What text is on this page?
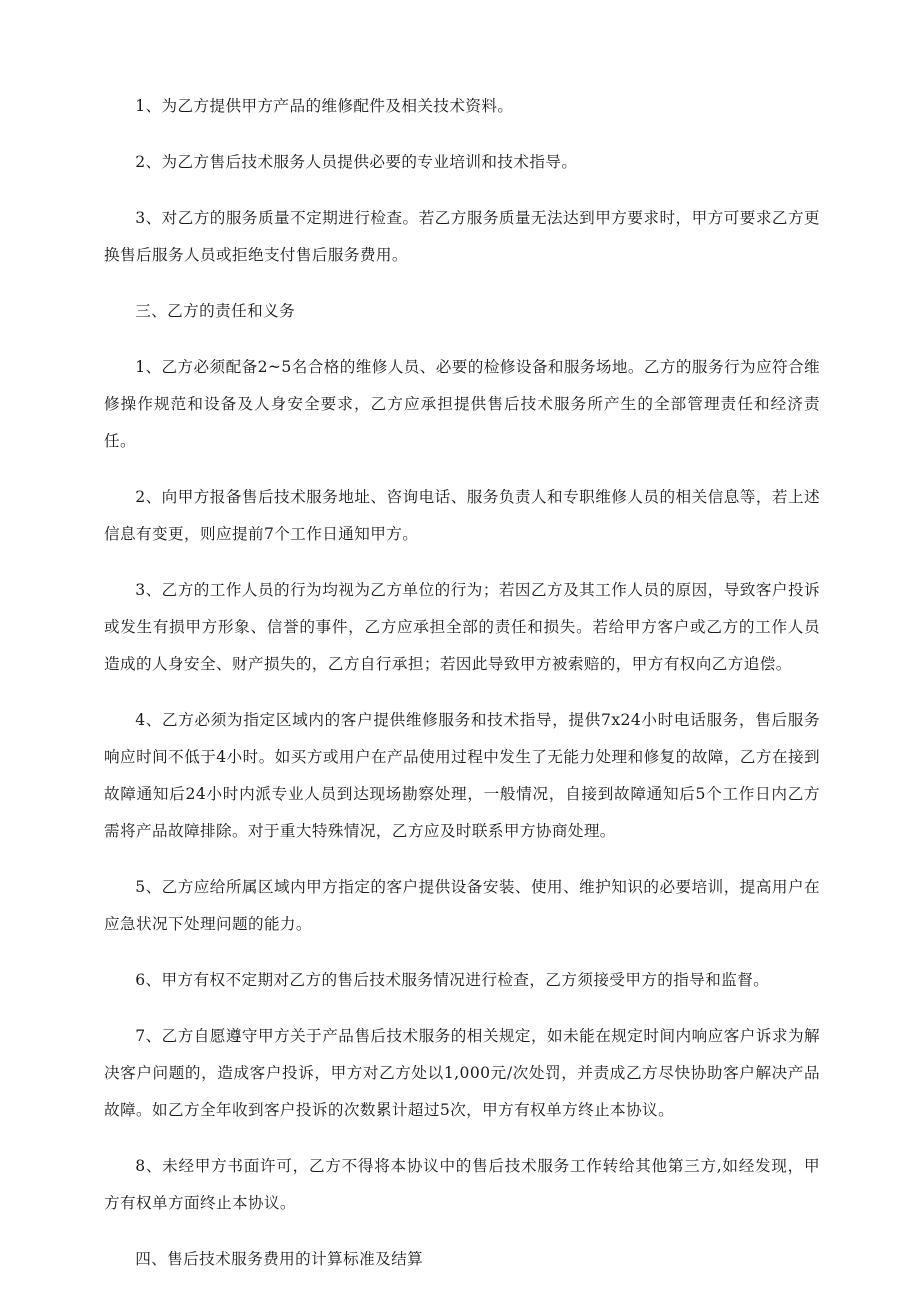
1、为乙方提供甲方产品的维修配件及相关技术资料。

2、为乙方售后技术服务人员提供必要的专业培训和技术指导。

3、对乙方的服务质量不定期进行检查。若乙方服务质量无法达到甲方要求时，甲方可要求乙方更换售后服务人员或拒绝支付售后服务费用。

三、乙方的责任和义务

1、乙方必须配备2~5名合格的维修人员、必要的检修设备和服务场地。乙方的服务行为应符合维修操作规范和设备及人身安全要求，乙方应承担提供售后技术服务所产生的全部管理责任和经济责任。

2、向甲方报备售后技术服务地址、咨询电话、服务负责人和专职维修人员的相关信息等，若上述信息有变更，则应提前7个工作日通知甲方。

3、乙方的工作人员的行为均视为乙方单位的行为；若因乙方及其工作人员的原因，导致客户投诉或发生有损甲方形象、信誉的事件，乙方应承担全部的责任和损失。若给甲方客户或乙方的工作人员造成的人身安全、财产损失的，乙方自行承担；若因此导致甲方被索赔的，甲方有权向乙方追偿。

4、乙方必须为指定区域内的客户提供维修服务和技术指导，提供7x24小时电话服务，售后服务响应时间不低于4小时。如买方或用户在产品使用过程中发生了无能力处理和修复的故障，乙方在接到故障通知后24小时内派专业人员到达现场勘察处理，一般情况，自接到故障通知后5个工作日内乙方需将产品故障排除。对于重大特殊情况，乙方应及时联系甲方协商处理。

5、乙方应给所属区域内甲方指定的客户提供设备安装、使用、维护知识的必要培训，提高用户在应急状况下处理问题的能力。

6、甲方有权不定期对乙方的售后技术服务情况进行检查，乙方须接受甲方的指导和监督。

7、乙方自愿遵守甲方关于产品售后技术服务的相关规定，如未能在规定时间内响应客户诉求为解决客户问题的，造成客户投诉，甲方对乙方处以1,000元/次处罚，并责成乙方尽快协助客户解决产品故障。如乙方全年收到客户投诉的次数累计超过5次，甲方有权单方终止本协议。

8、未经甲方书面许可，乙方不得将本协议中的售后技术服务工作转给其他第三方,如经发现，甲方有权单方面终止本协议。

四、售后技术服务费用的计算标准及结算
